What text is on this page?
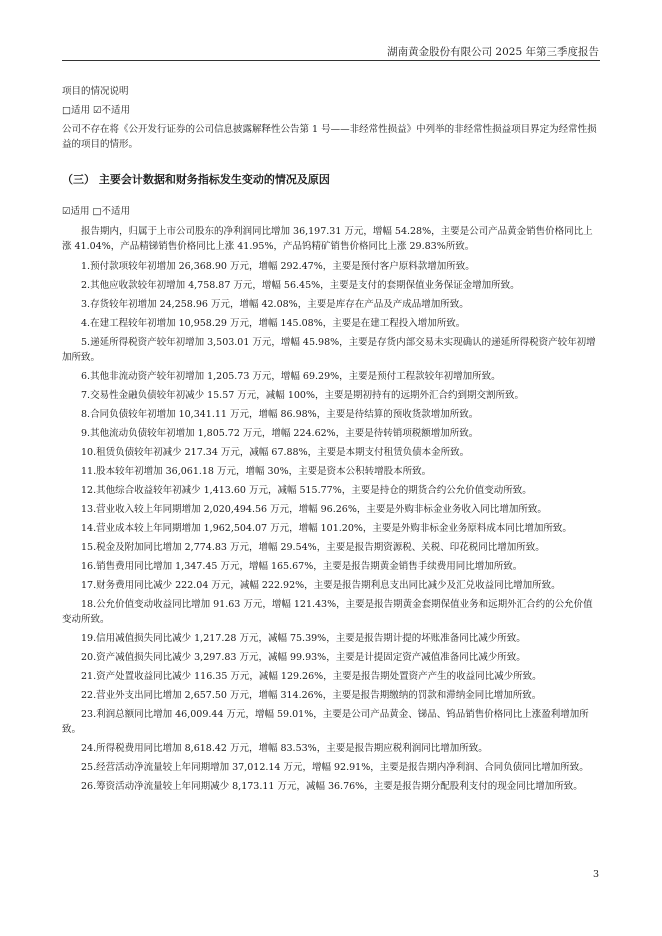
湖南黄金股份有限公司 2025 年第三季度报告

项目的情况说明

□适用 ☑不适用

公司不存在将《公开发行证券的公司信息披露解释性公告第 1 号——非经常性损益》中列举的非经常性损益项目界定为经常性损益的项目的情形。

（三） 主要会计数据和财务指标发生变动的情况及原因

☑适用 □不适用

报告期内，归属于上市公司股东的净利润同比增加 36,197.31 万元，增幅 54.28%，主要是公司产品黄金销售价格同比上涨 41.04%，产品精锑销售价格同比上涨 41.95%，产品钨精矿销售价格同比上涨 29.83%所致。

1.预付款项较年初增加 26,368.90 万元，增幅 292.47%，主要是预付客户原料款增加所致。
2.其他应收款较年初增加 4,758.87 万元，增幅 56.45%，主要是支付的套期保值业务保证金增加所致。
3.存货较年初增加 24,258.96 万元，增幅 42.08%，主要是库存在产品及产成品增加所致。
4.在建工程较年初增加 10,958.29 万元，增幅 145.08%，主要是在建工程投入增加所致。
5.递延所得税资产较年初增加 3,503.01 万元，增幅 45.98%，主要是存货内部交易未实现确认的递延所得税资产较年初增加所致。
6.其他非流动资产较年初增加 1,205.73 万元，增幅 69.29%，主要是预付工程款较年初增加所致。
7.交易性金融负债较年初减少 15.57 万元，减幅 100%，主要是期初持有的远期外汇合约到期交割所致。
8.合同负债较年初增加 10,341.11 万元，增幅 86.98%，主要是待结算的预收货款增加所致。
9.其他流动负债较年初增加 1,805.72 万元，增幅 224.62%，主要是待转销项税额增加所致。
10.租赁负债较年初减少 217.34 万元，减幅 67.88%，主要是本期支付租赁负债本金所致。
11.股本较年初增加 36,061.18 万元，增幅 30%，主要是资本公积转增股本所致。
12.其他综合收益较年初减少 1,413.60 万元，减幅 515.77%，主要是持仓的期货合约公允价值变动所致。
13.营业收入较上年同期增加 2,020,494.56 万元，增幅 96.26%，主要是外购非标金业务收入同比增加所致。
14.营业成本较上年同期增加 1,962,504.07 万元，增幅 101.20%，主要是外购非标金业务原料成本同比增加所致。
15.税金及附加同比增加 2,774.83 万元，增幅 29.54%，主要是报告期资源税、关税、印花税同比增加所致。
16.销售费用同比增加 1,347.45 万元，增幅 165.67%，主要是报告期黄金销售手续费用同比增加所致。
17.财务费用同比减少 222.04 万元，减幅 222.92%，主要是报告期利息支出同比减少及汇兑收益同比增加所致。
18.公允价值变动收益同比增加 91.63 万元，增幅 121.43%，主要是报告期黄金套期保值业务和远期外汇合约的公允价值变动所致。
19.信用减值损失同比减少 1,217.28 万元，减幅 75.39%，主要是报告期计提的坏账准备同比减少所致。
20.资产减值损失同比减少 3,297.83 万元，减幅 99.93%，主要是计提固定资产减值准备同比减少所致。
21.资产处置收益同比减少 116.35 万元，减幅 129.26%，主要是报告期处置资产产生的收益同比减少所致。
22.营业外支出同比增加 2,657.50 万元，增幅 314.26%，主要是报告期缴纳的罚款和滞纳金同比增加所致。
23.利润总额同比增加 46,009.44 万元，增幅 59.01%，主要是公司产品黄金、锑品、钨品销售价格同比上涨盈利增加所致。
24.所得税费用同比增加 8,618.42 万元，增幅 83.53%，主要是报告期应税利润同比增加所致。
25.经营活动净流量较上年同期增加 37,012.14 万元，增幅 92.91%，主要是报告期内净利润、合同负债同比增加所致。
26.筹资活动净流量较上年同期减少 8,173.11 万元，减幅 36.76%，主要是报告期分配股利支付的现金同比增加所致。
3
